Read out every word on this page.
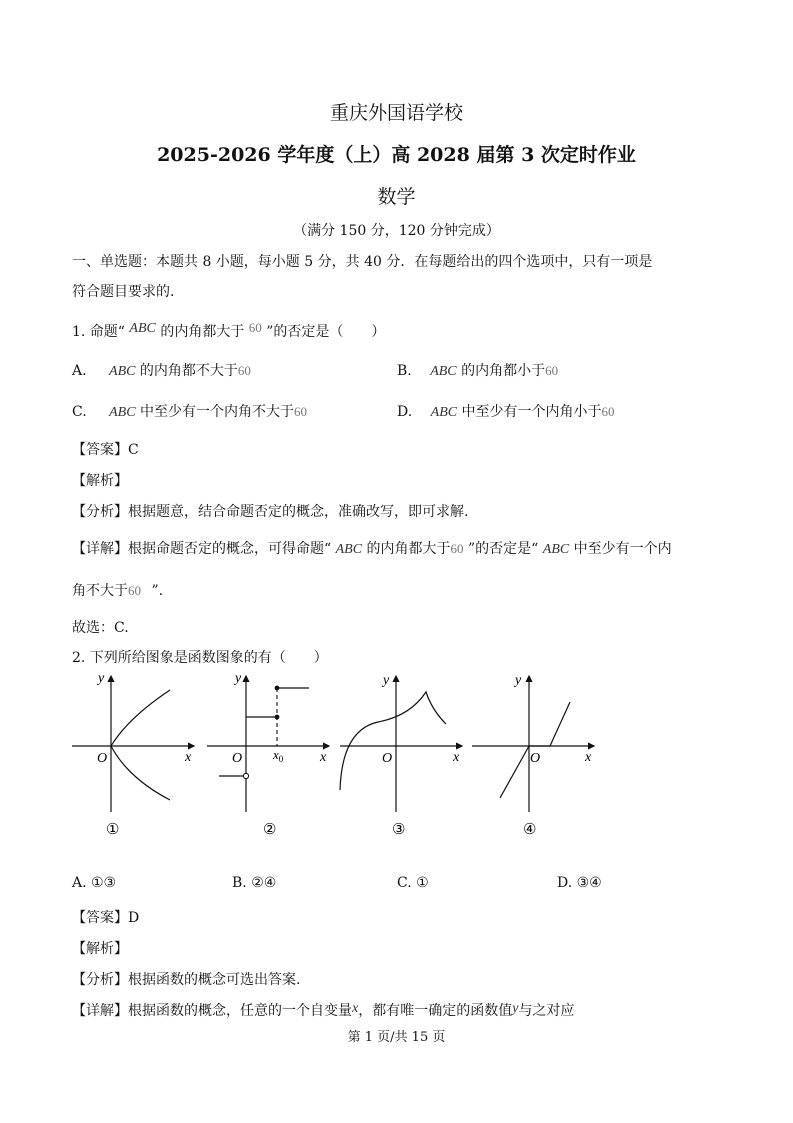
重庆外国语学校
2025-2026 学年度（上）高 2028 届第 3 次定时作业
数学
（满分 150 分，120 分钟完成）
一、单选题：本题共 8 小题，每小题 5 分，共 40 分．在每题给出的四个选项中，只有一项是
符合题目要求的.
1. 命题“ ABC 的内角都大于 60 ”的否定是（　　）
A. ABC 的内角都不大于60	B. ABC 的内角都小于60
C. ABC 中至少有一个内角不大于60	D. ABC 中至少有一个内角小于60
【答案】C
【解析】
【分析】根据题意，结合命题否定的概念，准确改写，即可求解.
【详解】根据命题否定的概念，可得命题“ ABC 的内角都大于60 ”的否定是“ ABC 中至少有一个内
角不大于60 ”.
故选：C.
2. 下列所给图象是函数图象的有（　　）
y
x
O
①
y
x
O $x_0$
②
y
x
O
③
y
x
O
④
A. ①③	B. ②④	C. ①	D. ③④
【答案】D
【解析】
【分析】根据函数的概念可选出答案.
【详解】根据函数的概念，任意的一个自变量x，都有唯一确定的函数值y与之对应
第 1 页/共 15 页
